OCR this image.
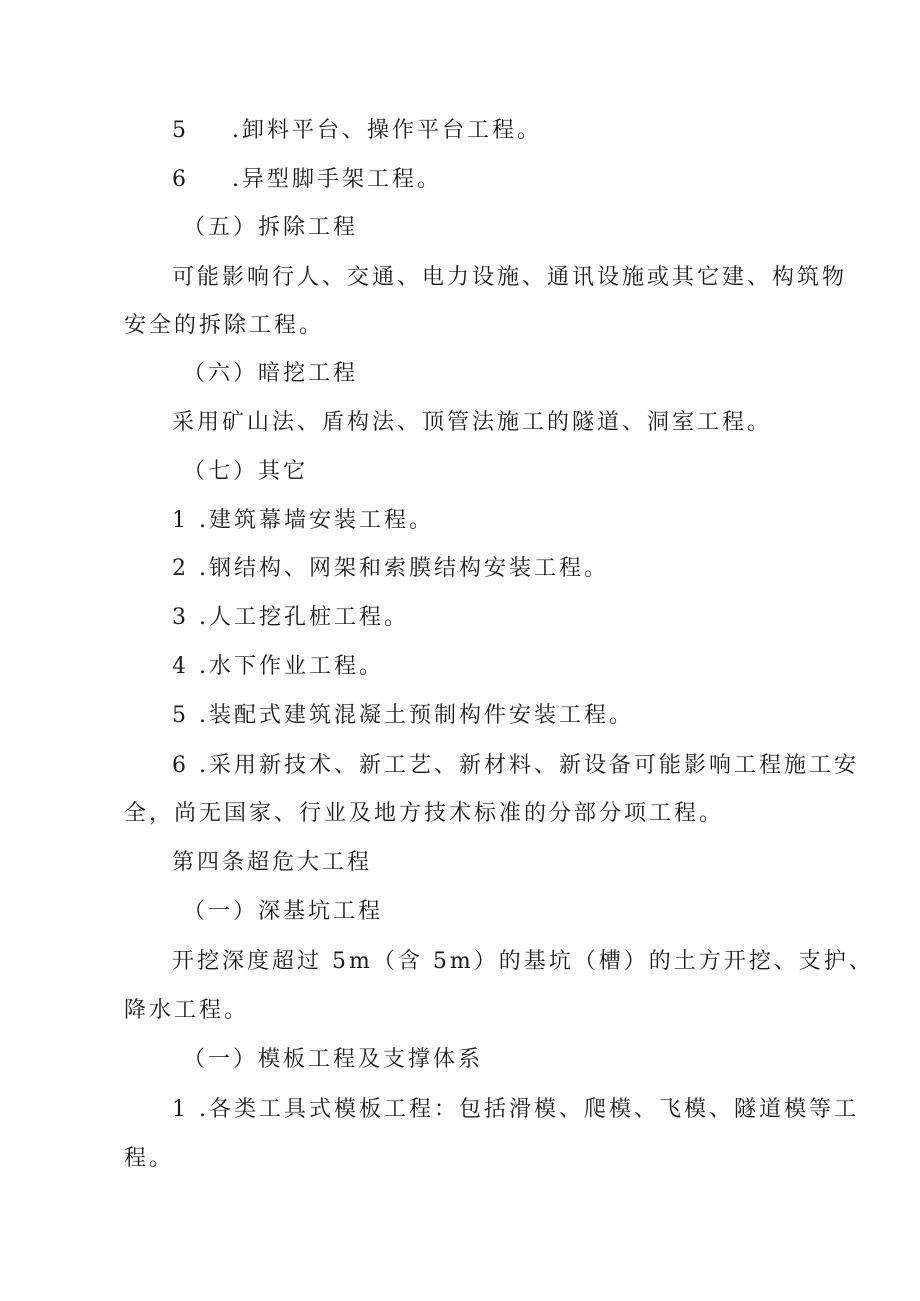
5 .卸料平台、操作平台工程。
6 .异型脚手架工程。
（五）拆除工程
可能影响行人、交通、电力设施、通讯设施或其它建、构筑物
安全的拆除工程。
（六）暗挖工程
采用矿山法、盾构法、顶管法施工的隧道、洞室工程。
（七）其它
1 .建筑幕墙安装工程。
2 .钢结构、网架和索膜结构安装工程。
3 .人工挖孔桩工程。
4 .水下作业工程。
5 .装配式建筑混凝土预制构件安装工程。
6 .采用新技术、新工艺、新材料、新设备可能影响工程施工安
全，尚无国家、行业及地方技术标准的分部分项工程。
第四条超危大工程
（一）深基坑工程
开挖深度超过 5m（含 5m）的基坑（槽）的土方开挖、支护、
降水工程。
（一）模板工程及支撑体系
1 .各类工具式模板工程：包括滑模、爬模、飞模、隧道模等工
程。
